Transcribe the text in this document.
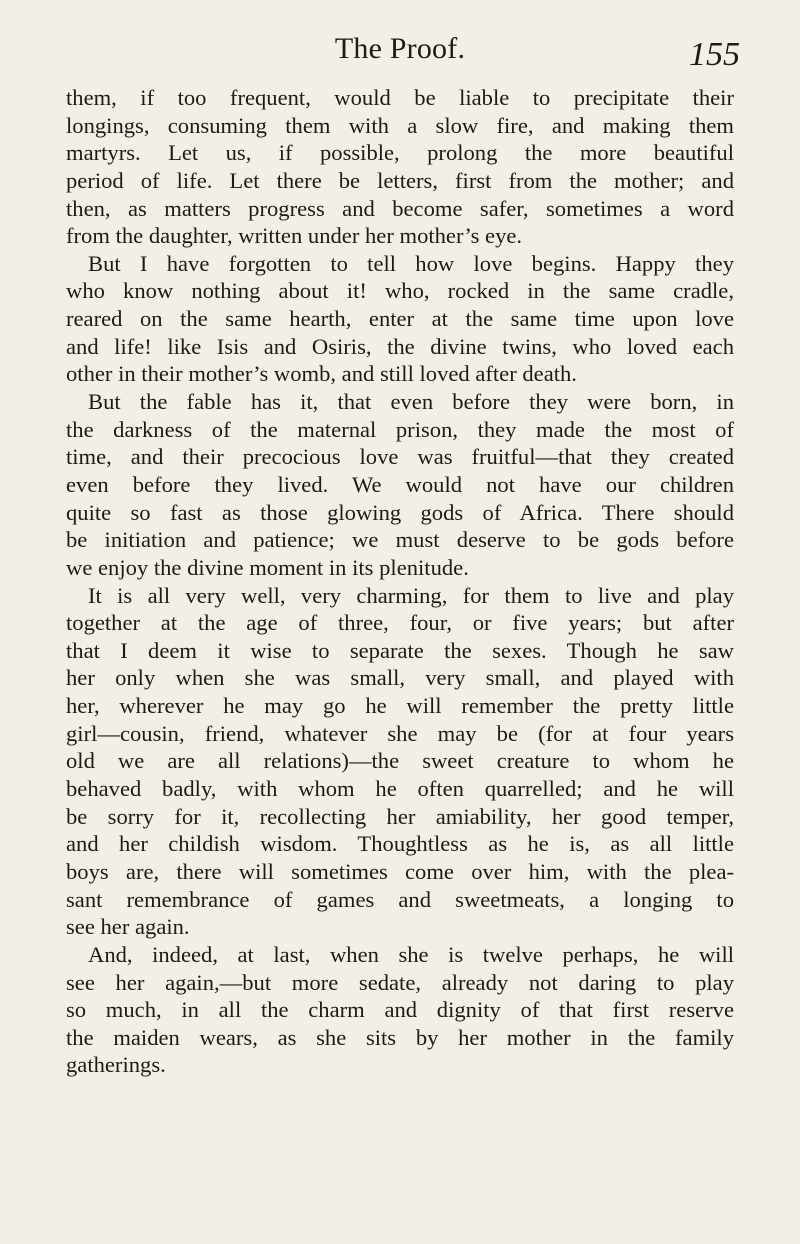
The Proof.	155
them, if too frequent, would be liable to precipitate their
longings, consuming them with a slow fire, and making them
martyrs. Let us, if possible, prolong the more beautiful
period of life. Let there be letters, first from the mother; and
then, as matters progress and become safer, sometimes a word
from the daughter, written under her mother’s eye.
But I have forgotten to tell how love begins. Happy they
who know nothing about it! who, rocked in the same cradle,
reared on the same hearth, enter at the same time upon love
and life! like Isis and Osiris, the divine twins, who loved each
other in their mother’s womb, and still loved after death.
But the fable has it, that even before they were born, in
the darkness of the maternal prison, they made the most of
time, and their precocious love was fruitful—that they created
even before they lived. We would not have our children
quite so fast as those glowing gods of Africa. There should
be initiation and patience; we must deserve to be gods before
we enjoy the divine moment in its plenitude.
It is all very well, very charming, for them to live and play
together at the age of three, four, or five years; but after
that I deem it wise to separate the sexes. Though he saw
her only when she was small, very small, and played with
her, wherever he may go he will remember the pretty little
girl—cousin, friend, whatever she may be (for at four years
old we are all relations)—the sweet creature to whom he
behaved badly, with whom he often quarrelled; and he will
be sorry for it, recollecting her amiability, her good temper,
and her childish wisdom. Thoughtless as he is, as all little
boys are, there will sometimes come over him, with the plea-
sant remembrance of games and sweetmeats, a longing to
see her again.
And, indeed, at last, when she is twelve perhaps, he will
see her again,—but more sedate, already not daring to play
so much, in all the charm and dignity of that first reserve
the maiden wears, as she sits by her mother in the family
gatherings.
